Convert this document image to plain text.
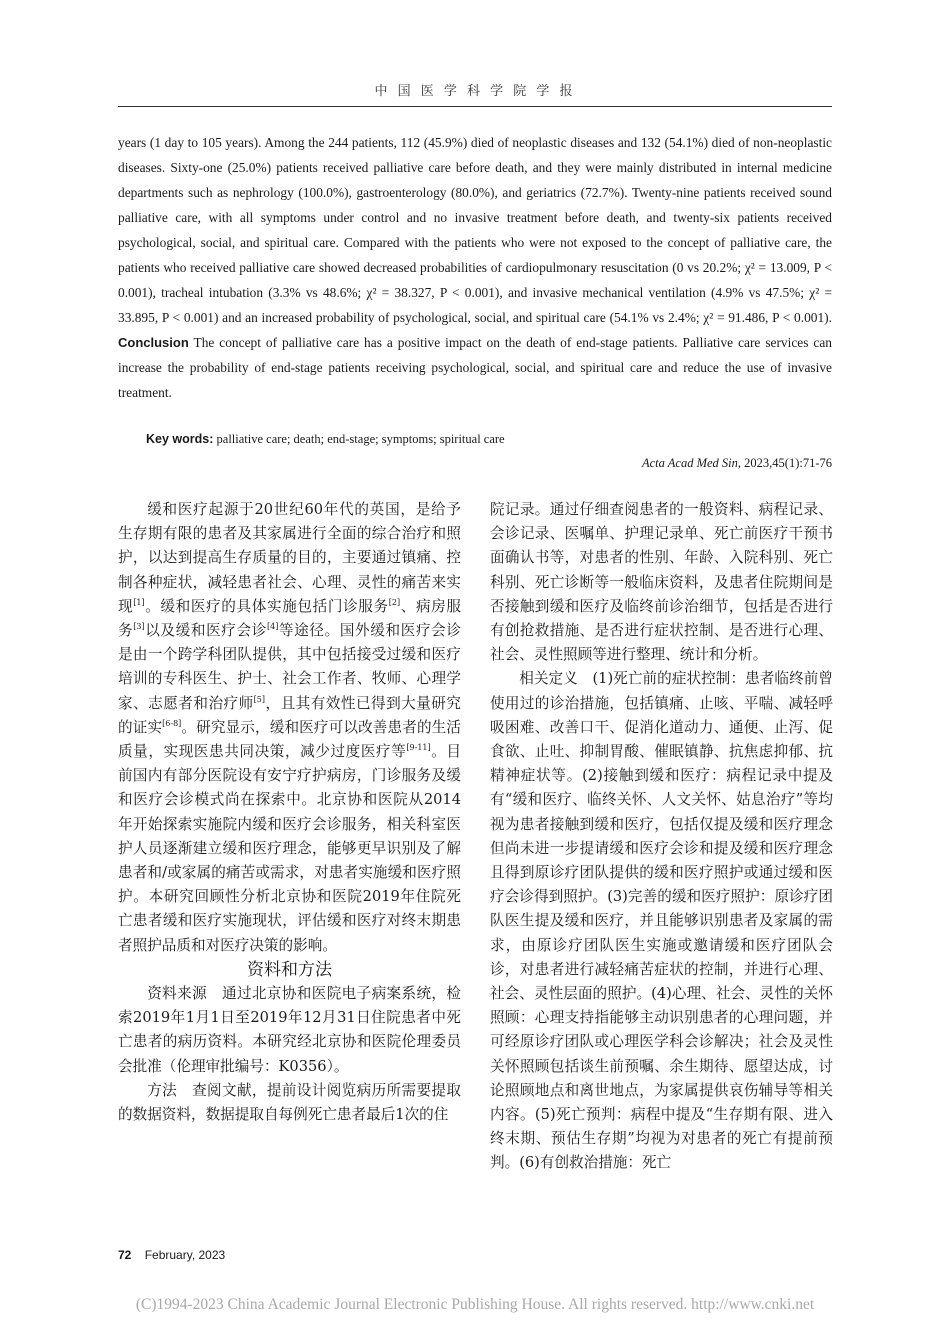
中 国 医 学 科 学 院 学 报

years (1 day to 105 years). Among the 244 patients, 112 (45.9%) died of neoplastic diseases and 132 (54.1%) died of non-neoplastic diseases. Sixty-one (25.0%) patients received palliative care before death, and they were mainly distributed in internal medicine departments such as nephrology (100.0%), gastroenterology (80.0%), and geriatrics (72.7%). Twenty-nine patients received sound palliative care, with all symptoms under control and no invasive treatment before death, and twenty-six patients received psychological, social, and spiritual care. Compared with the patients who were not exposed to the concept of palliative care, the patients who received palliative care showed decreased probabilities of cardiopulmonary resuscitation (0 vs 20.2%; χ² = 13.009, P < 0.001), tracheal intubation (3.3% vs 48.6%; χ² = 38.327, P < 0.001), and invasive mechanical ventilation (4.9% vs 47.5%; χ² = 33.895, P < 0.001) and an increased probability of psychological, social, and spiritual care (54.1% vs 2.4%; χ² = 91.486, P < 0.001). Conclusion The concept of palliative care has a positive impact on the death of end-stage patients. Palliative care services can increase the probability of end-stage patients receiving psychological, social, and spiritual care and reduce the use of invasive treatment.

Key words: palliative care; death; end-stage; symptoms; spiritual care
Acta Acad Med Sin, 2023,45(1):71-76

缓和医疗起源于20世纪60年代的英国，是给予生存期有限的患者及其家属进行全面的综合治疗和照护，以达到提高生存质量的目的，主要通过镇痛、控制各种症状，减轻患者社会、心理、灵性的痛苦来实现[1]。缓和医疗的具体实施包括门诊服务[2]、病房服务[3]以及缓和医疗会诊[4]等途径。国外缓和医疗会诊是由一个跨学科团队提供，其中包括接受过缓和医疗培训的专科医生、护士、社会工作者、牧师、心理学家、志愿者和治疗师[5]，且其有效性已得到大量研究的证实[6-8]。研究显示，缓和医疗可以改善患者的生活质量，实现医患共同决策，减少过度医疗等[9-11]。目前国内有部分医院设有安宁疗护病房，门诊服务及缓和医疗会诊模式尚在探索中。北京协和医院从2014年开始探索实施院内缓和医疗会诊服务，相关科室医护人员逐渐建立缓和医疗理念，能够更早识别及了解患者和/或家属的痛苦或需求，对患者实施缓和医疗照护。本研究回顾性分析北京协和医院2019年住院死亡患者缓和医疗实施现状，评估缓和医疗对终末期患者照护品质和对医疗决策的影响。

资料和方法

资料来源　通过北京协和医院电子病案系统，检索2019年1月1日至2019年12月31日住院患者中死亡患者的病历资料。本研究经北京协和医院伦理委员会批准（伦理审批编号：K0356）。

方法　查阅文献，提前设计阅览病历所需要提取的数据资料，数据提取自每例死亡患者最后1次的住

院记录。通过仔细查阅患者的一般资料、病程记录、会诊记录、医嘱单、护理记录单、死亡前医疗干预书面确认书等，对患者的性别、年龄、入院科别、死亡科别、死亡诊断等一般临床资料，及患者住院期间是否接触到缓和医疗及临终前诊治细节，包括是否进行有创抢救措施、是否进行症状控制、是否进行心理、社会、灵性照顾等进行整理、统计和分析。

相关定义　(1)死亡前的症状控制：患者临终前曾使用过的诊治措施，包括镇痛、止咳、平喘、减轻呼吸困难、改善口干、促消化道动力、通便、止泻、促食欲、止吐、抑制胃酸、催眠镇静、抗焦虑抑郁、抗精神症状等。(2)接触到缓和医疗：病程记录中提及有“缓和医疗、临终关怀、人文关怀、姑息治疗”等均视为患者接触到缓和医疗，包括仅提及缓和医疗理念但尚未进一步提请缓和医疗会诊和提及缓和医疗理念且得到原诊疗团队提供的缓和医疗照护或通过缓和医疗会诊得到照护。(3)完善的缓和医疗照护：原诊疗团队医生提及缓和医疗，并且能够识别患者及家属的需求，由原诊疗团队医生实施或邀请缓和医疗团队会诊，对患者进行减轻痛苦症状的控制，并进行心理、社会、灵性层面的照护。(4)心理、社会、灵性的关怀照顾：心理支持指能够主动识别患者的心理问题，并可经原诊疗团队或心理医学科会诊解决；社会及灵性关怀照顾包括谈生前预嘱、余生期待、愿望达成，讨论照顾地点和离世地点，为家属提供哀伤辅导等相关内容。(5)死亡预判：病程中提及“生存期有限、进入终末期、预估生存期”均视为对患者的死亡有提前预判。(6)有创救治措施：死亡

72 February, 2023
(C)1994-2023 China Academic Journal Electronic Publishing House. All rights reserved. http://www.cnki.net
